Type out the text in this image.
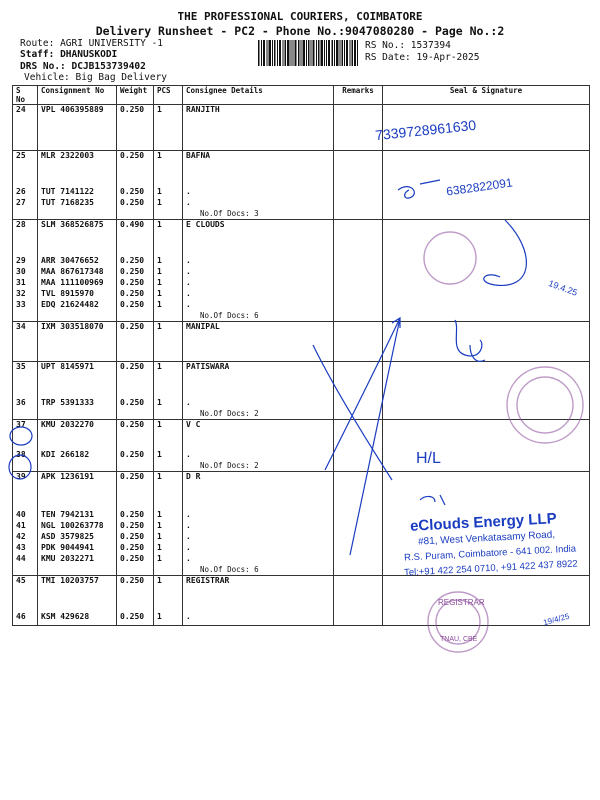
THE PROFESSIONAL COURIERS, COIMBATORE
Delivery Runsheet - PC2 - Phone No.:9047080280 - Page No.:2
Route: AGRI UNIVERSITY -1
Staff: DHANUSKODI
DRS No.: DCJB153739402
Vehicle: Big Bag Delivery
RS No.: 1537394
RS Date: 19-Apr-2025
S No	Consignment No	Weight	PCS	Consignee Details	Remarks	Seal & Signature
24	VPL 406395889	0.250	1	RANJITH		
25	MLR 2322003	0.250	1	BAFNA		
26	TUT 7141122	0.250	1	.		
27	TUT 7168235	0.250	1	.		
				No.Of Docs: 3		
28	SLM 368526875	0.490	1	E CLOUDS		
29	ARR 30476652	0.250	1	.		
30	MAA 867617348	0.250	1	.		
31	MAA 111100969	0.250	1	.		
32	TVL 8915970	0.250	1	.		
33	EDQ 21624482	0.250	1	.		
				No.Of Docs: 6		
34	IXM 303518070	0.250	1	MANIPAL		
35	UPT 8145971	0.250	1	PATISWARA		
36	TRP 5391333	0.250	1	.		
				No.Of Docs: 2		
37	KMU 2032270	0.250	1	V C		
38	KDI 266182	0.250	1	.		
				No.Of Docs: 2		
39	APK 1236191	0.250	1	D R		
40	TEN 7942131	0.250	1	.		
41	NGL 100263778	0.250	1	.		
42	ASD 3579825	0.250	1	.		
43	PDK 9044941	0.250	1	.		
44	KMU 2032271	0.250	1	.		
				No.Of Docs: 6		
45	TMI 10203757	0.250	1	REGISTRAR		
46	KSM 429628	0.250	1	.		
7339728961630
6382822091
19.4.25
H/L
19/4/25
eClouds Energy LLP
#81, West Venkatasamy Road,
R.S. Puram, Coimbatore - 641 002. India
Tel:+91 422 254 0710, +91 422 437 8922
REGISTRAR
TNAU, CBE
